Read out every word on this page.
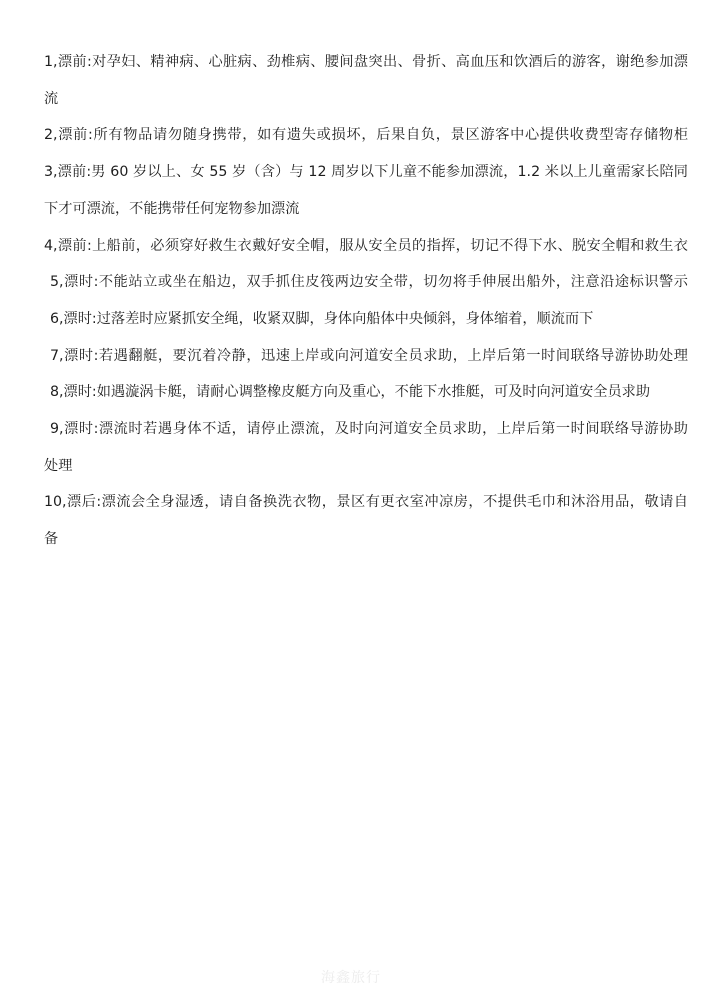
1,漂前:对孕妇、精神病、心脏病、劲椎病、腰间盘突出、骨折、高血压和饮酒后的游客，谢绝参加漂
流
2,漂前:所有物品请勿随身携带，如有遗失或损坏，后果自负，景区游客中心提供收费型寄存储物柜
3,漂前:男 60 岁以上、女 55 岁（含）与 12 周岁以下儿童不能参加漂流，1.2 米以上儿童需家长陪同
下才可漂流，不能携带任何宠物参加漂流
4,漂前:上船前，必须穿好救生衣戴好安全帽，服从安全员的指挥，切记不得下水、脱安全帽和救生衣
5,漂时:不能站立或坐在船边，双手抓住皮筏两边安全带，切勿将手伸展出船外，注意沿途标识警示
6,漂时:过落差时应紧抓安全绳，收紧双脚，身体向船体中央倾斜，身体缩着，顺流而下
7,漂时:若遇翻艇，要沉着冷静，迅速上岸或向河道安全员求助，上岸后第一时间联络导游协助处理
8,漂时:如遇漩涡卡艇，请耐心调整橡皮艇方向及重心，不能下水推艇，可及时向河道安全员求助
9,漂时:漂流时若遇身体不适，请停止漂流，及时向河道安全员求助，上岸后第一时间联络导游协助
处理
10,漂后:漂流会全身湿透，请自备换洗衣物，景区有更衣室冲凉房，不提供毛巾和沐浴用品，敬请自
备
海鑫旅行
